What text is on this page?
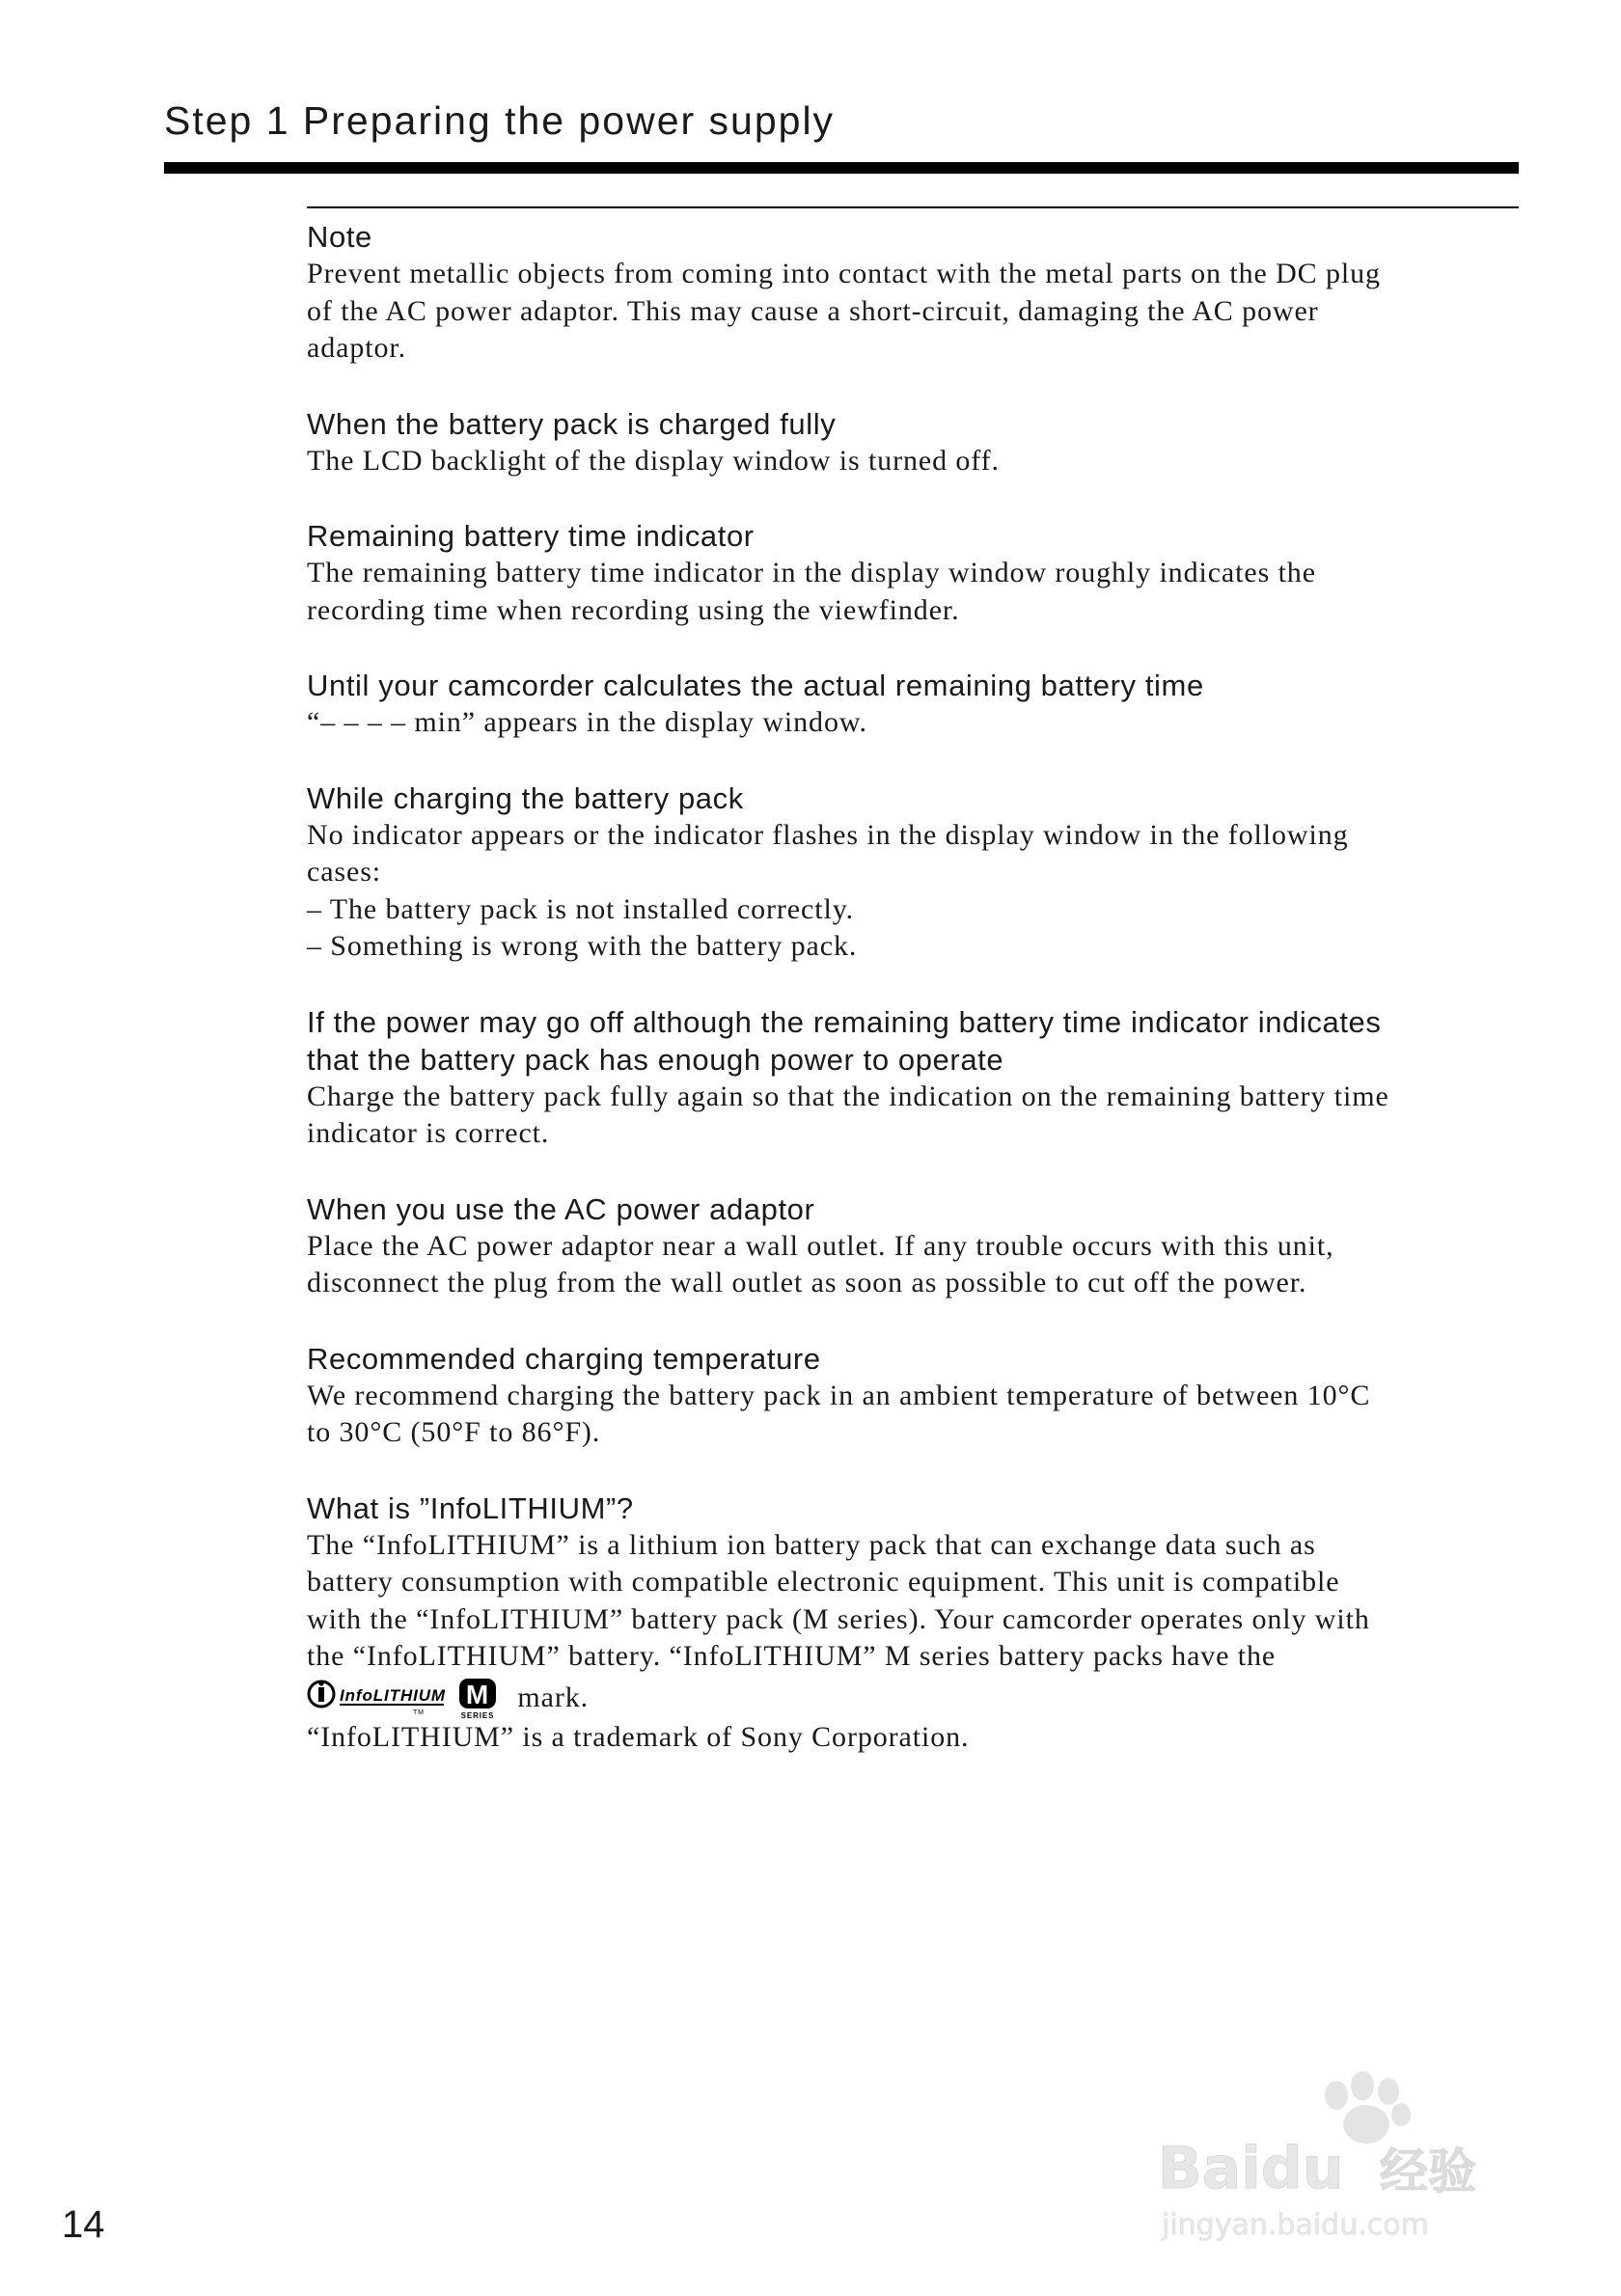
Step 1 Preparing the power supply

Note

Prevent metallic objects from coming into contact with the metal parts on the DC plug

of the AC power adaptor. This may cause a short-circuit, damaging the AC power

adaptor.

When the battery pack is charged fully

The LCD backlight of the display window is turned off.

Remaining battery time indicator

The remaining battery time indicator in the display window roughly indicates the

recording time when recording using the viewfinder.

Until your camcorder calculates the actual remaining battery time

“– – – – min” appears in the display window.

While charging the battery pack

No indicator appears or the indicator flashes in the display window in the following

cases:

– The battery pack is not installed correctly.

– Something is wrong with the battery pack.

If the power may go off although the remaining battery time indicator indicates

that the battery pack has enough power to operate

Charge the battery pack fully again so that the indication on the remaining battery time

indicator is correct.

When you use the AC power adaptor

Place the AC power adaptor near a wall outlet. If any trouble occurs with this unit,

disconnect the plug from the wall outlet as soon as possible to cut off the power.

Recommended charging temperature

We recommend charging the battery pack in an ambient temperature of between 10°C

to 30°C (50°F to 86°F).

What is ”InfoLITHIUM”?

The “InfoLITHIUM” is a lithium ion battery pack that can exchange data such as

battery consumption with compatible electronic equipment. This unit is compatible

with the “InfoLITHIUM” battery pack (M series). Your camcorder operates only with

the “InfoLITHIUM” battery. “InfoLITHIUM” M series battery packs have the

InfoLITHIUM
TM
M
SERIES
mark.

“InfoLITHIUM” is a trademark of Sony Corporation.

14
Baidu 经验
jingyan.baidu.com
